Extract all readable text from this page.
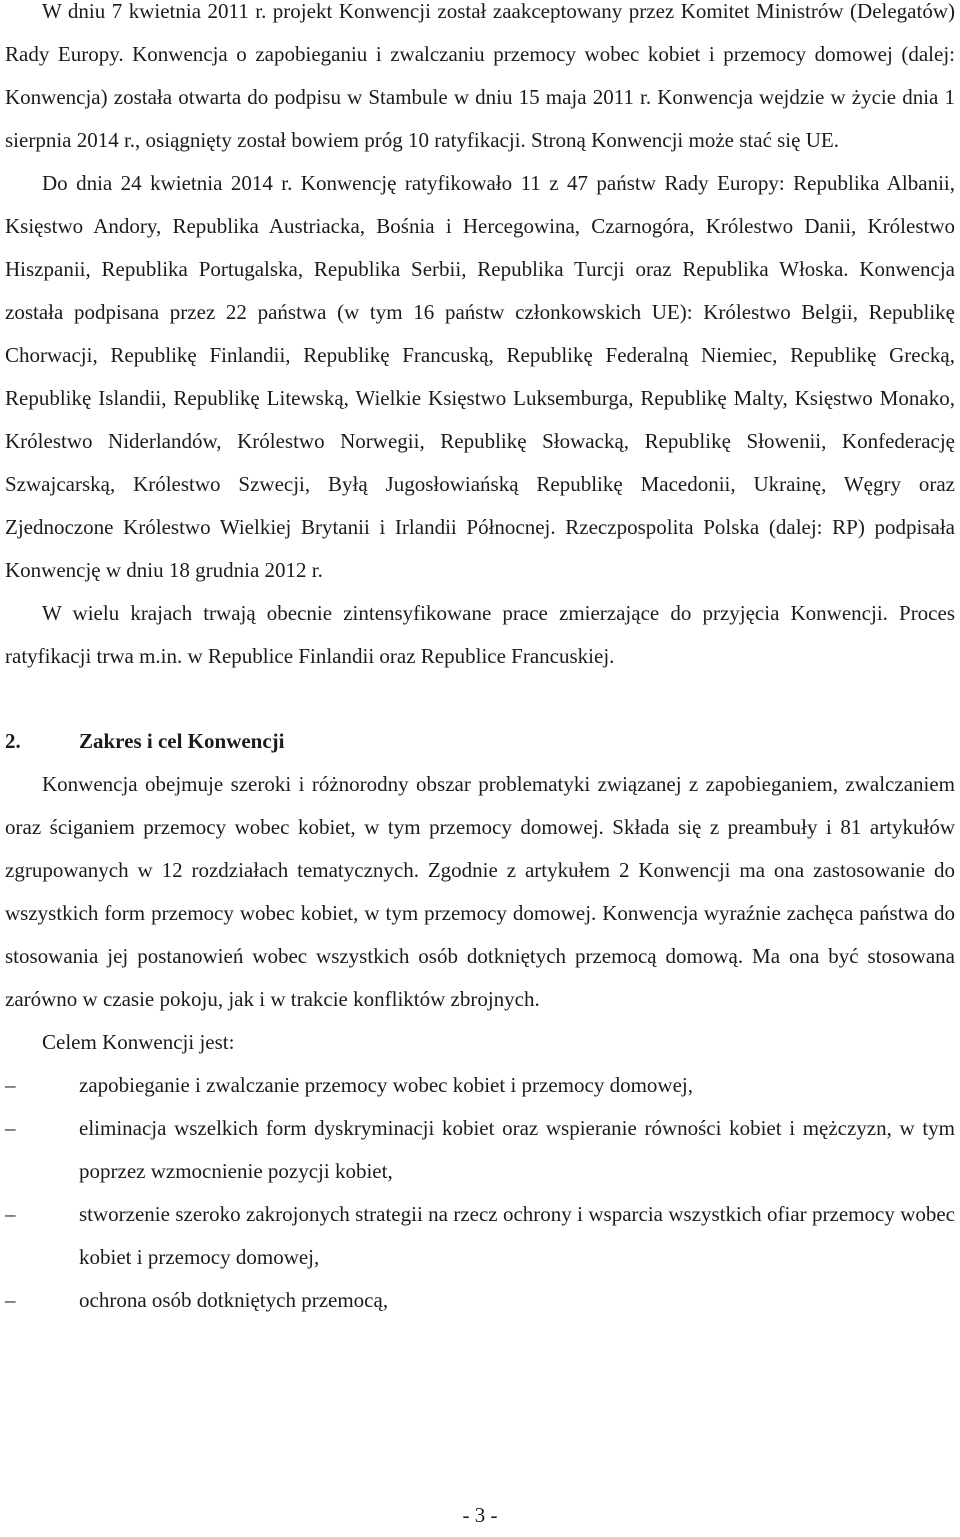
W dniu 7 kwietnia 2011 r. projekt Konwencji został zaakceptowany przez Komitet Ministrów (Delegatów) Rady Europy. Konwencja o zapobieganiu i zwalczaniu przemocy wobec kobiet i przemocy domowej (dalej: Konwencja) została otwarta do podpisu w Stambule w dniu 15 maja 2011 r. Konwencja wejdzie w życie dnia 1 sierpnia 2014 r., osiągnięty został bowiem próg 10 ratyfikacji. Stroną Konwencji może stać się UE.

Do dnia 24 kwietnia 2014 r. Konwencję ratyfikowało 11 z 47 państw Rady Europy: Republika Albanii, Księstwo Andory, Republika Austriacka, Bośnia i Hercegowina, Czarnogóra, Królestwo Danii, Królestwo Hiszpanii, Republika Portugalska, Republika Serbii, Republika Turcji oraz Republika Włoska. Konwencja została podpisana przez 22 państwa (w tym 16 państw członkowskich UE): Królestwo Belgii, Republikę Chorwacji, Republikę Finlandii, Republikę Francuską, Republikę Federalną Niemiec, Republikę Grecką, Republikę Islandii, Republikę Litewską, Wielkie Księstwo Luksemburga, Republikę Malty, Księstwo Monako, Królestwo Niderlandów, Królestwo Norwegii, Republikę Słowacką, Republikę Słowenii, Konfederację Szwajcarską, Królestwo Szwecji, Byłą Jugosłowiańską Republikę Macedonii, Ukrainę, Węgry oraz Zjednoczone Królestwo Wielkiej Brytanii i Irlandii Północnej. Rzeczpospolita Polska (dalej: RP) podpisała Konwencję w dniu 18 grudnia 2012 r.

W wielu krajach trwają obecnie zintensyfikowane prace zmierzające do przyjęcia Konwencji. Proces ratyfikacji trwa m.in. w Republice Finlandii oraz Republice Francuskiej.

2.	Zakres i cel Konwencji

Konwencja obejmuje szeroki i różnorodny obszar problematyki związanej z zapobieganiem, zwalczaniem oraz ściganiem przemocy wobec kobiet, w tym przemocy domowej. Składa się z preambuły i 81 artykułów zgrupowanych w 12 rozdziałach tematycznych. Zgodnie z artykułem 2 Konwencji ma ona zastosowanie do wszystkich form przemocy wobec kobiet, w tym przemocy domowej. Konwencja wyraźnie zachęca państwa do stosowania jej postanowień wobec wszystkich osób dotkniętych przemocą domową. Ma ona być stosowana zarówno w czasie pokoju, jak i w trakcie konfliktów zbrojnych.

Celem Konwencji jest:

–	zapobieganie i zwalczanie przemocy wobec kobiet i przemocy domowej,
–	eliminacja wszelkich form dyskryminacji kobiet oraz wspieranie równości kobiet i mężczyzn, w tym poprzez wzmocnienie pozycji kobiet,
–	stworzenie szeroko zakrojonych strategii na rzecz ochrony i wsparcia wszystkich ofiar przemocy wobec kobiet i przemocy domowej,
–	ochrona osób dotkniętych przemocą,
- 3 -
